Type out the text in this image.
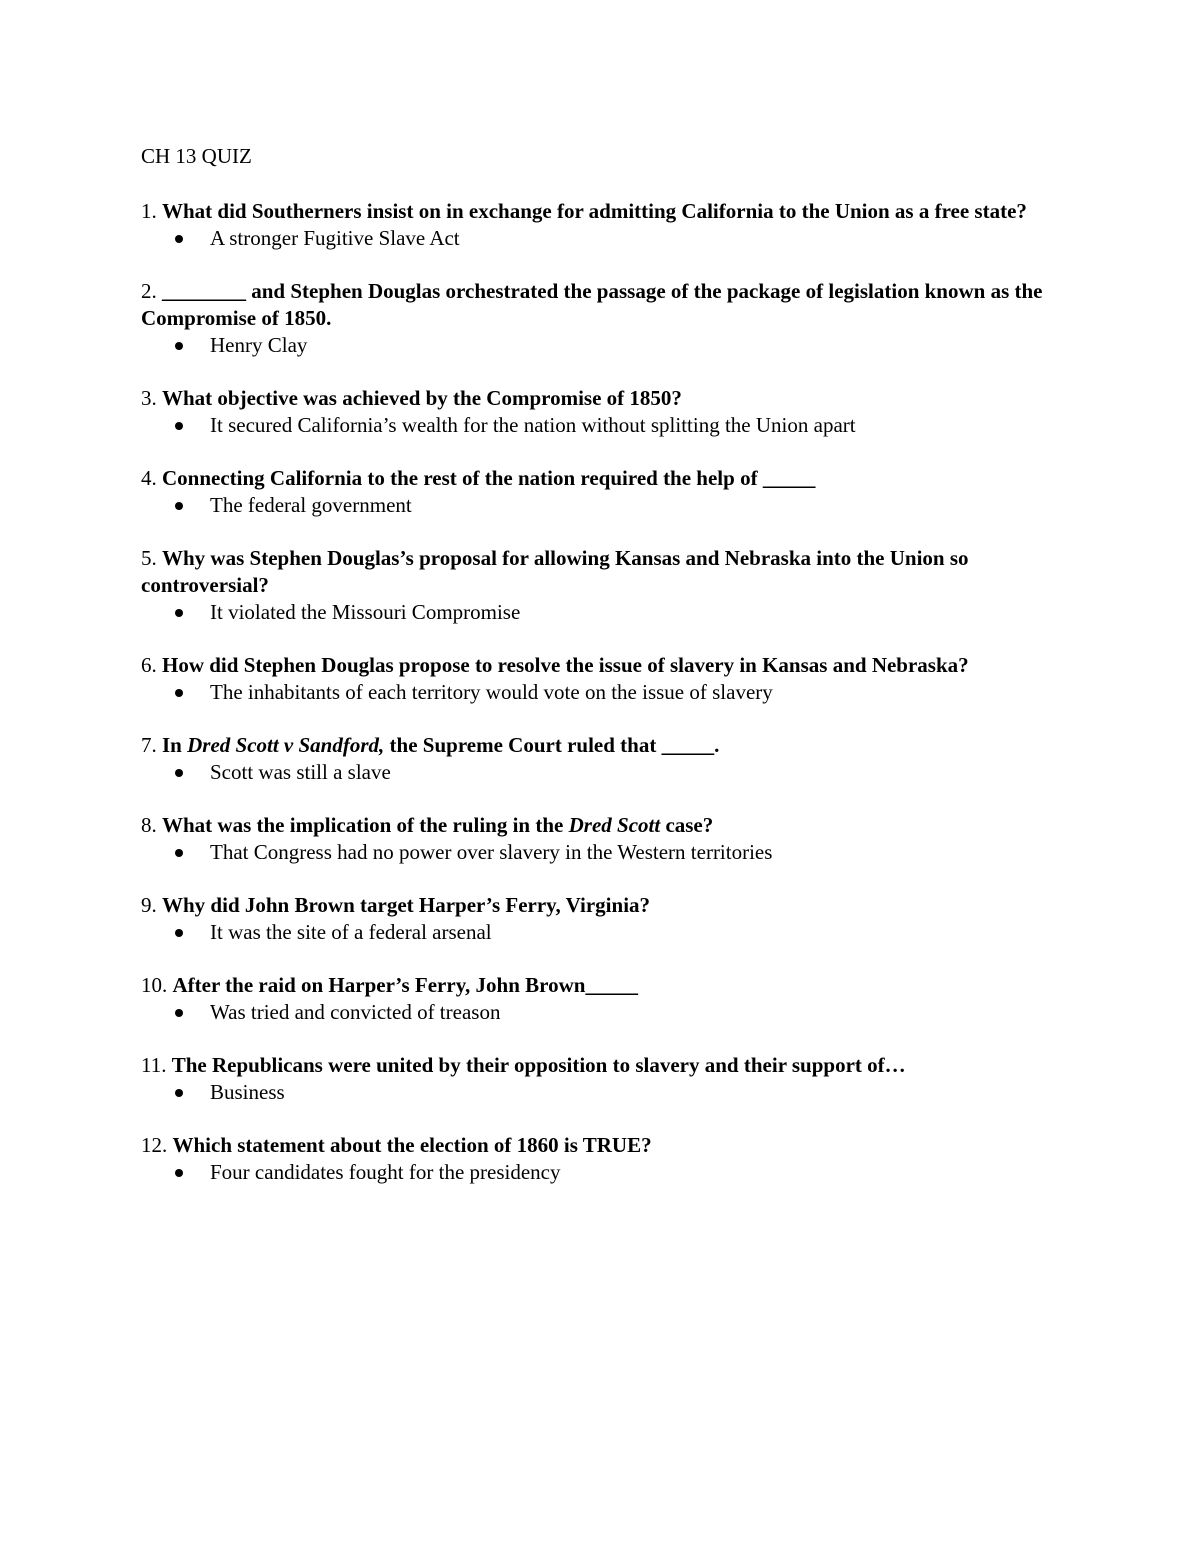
CH 13 QUIZ

1. What did Southerners insist on in exchange for admitting California to the Union as a free state?

A stronger Fugitive Slave Act

2. ________ and Stephen Douglas orchestrated the passage of the package of legislation known as the Compromise of 1850.

Henry Clay

3. What objective was achieved by the Compromise of 1850?

It secured California’s wealth for the nation without splitting the Union apart

4. Connecting California to the rest of the nation required the help of _____

The federal government

5. Why was Stephen Douglas’s proposal for allowing Kansas and Nebraska into the Union so controversial?

It violated the Missouri Compromise

6. How did Stephen Douglas propose to resolve the issue of slavery in Kansas and Nebraska?

The inhabitants of each territory would vote on the issue of slavery

7. In Dred Scott v Sandford, the Supreme Court ruled that _____.

Scott was still a slave

8. What was the implication of the ruling in the Dred Scott case?

That Congress had no power over slavery in the Western territories

9. Why did John Brown target Harper’s Ferry, Virginia?

It was the site of a federal arsenal

10. After the raid on Harper’s Ferry, John Brown_____

Was tried and convicted of treason

11. The Republicans were united by their opposition to slavery and their support of…

Business

12. Which statement about the election of 1860 is TRUE?

Four candidates fought for the presidency
